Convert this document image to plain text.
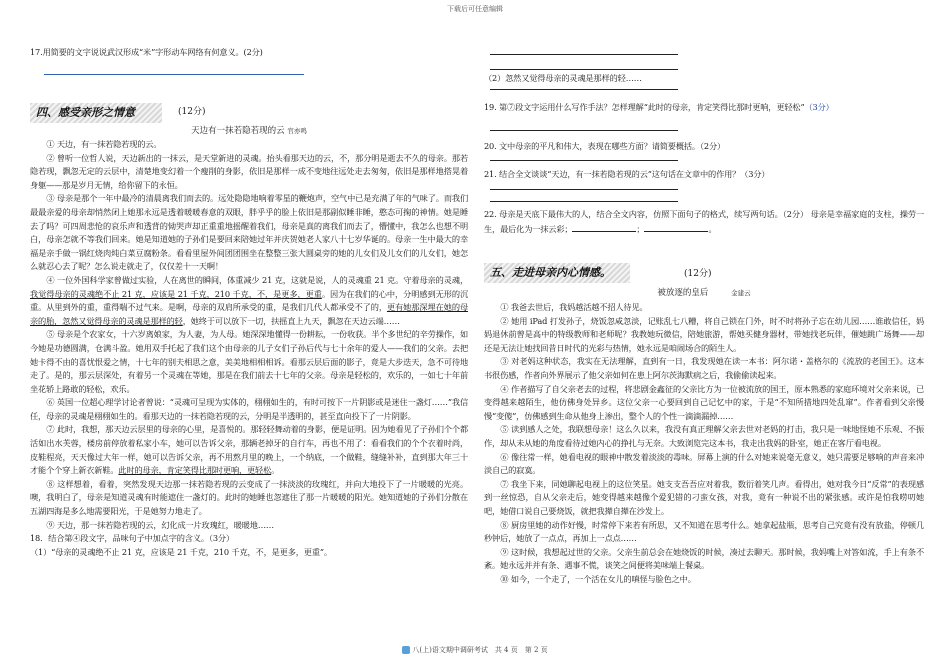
下载后可任意编辑

17.用简要的文字说说武汉形成“米”字形动车网络有何意义。(2分)

四、感受亲形之情意	(12分)
天边有一抹若隐若现的云 官亦鸣

① 天边，有一抹若隐若现的云。

② 曾听一位哲人说，天边新出的一抹云，是天堂新进的灵魂。抬头看那天边的云，不，那分明是逝去不久的母亲。那若隐若现，飘忽无定的云层中，清楚地变幻着一个瘦削的身影，依旧是那样一成不变地往远处走去匆匆，依旧是那样地搭晃着身躯——那是岁月无情，给你留下的永恒。

③ 母亲是那个一年中最冷的清晨离我们而去的。远处隐隐地响着零星的鞭炮声，空气中已是充满了年的气味了。而我们最最亲爱的母亲却悄然闭上她那永远是透着暖暖春意的双眼，胖乎乎的脸上依旧是那副似睡非睡，憨态可掬的神情。她是睡去了吗？可四周悲怆的哀乐声和透背的恸哭声却正重重地摇醒着我们，母亲是真的离我们而去了，懵懂中，我怎么也想不明白，母亲怎就不等我们回来。她是知道她的子孙们是要回来陪她过年并庆贺她老人家八十七岁华诞的。母亲一生中最大的幸福是亲手做一锅红烧肉炖白菜豆腐粉条。看看里屋外间团团围坐在整整三张大圆桌旁的她的儿女们及儿女们的儿女们，她怎么就忍心去了呢？怎么说走就走了，仅仅差十一天啊！

④ 一位外国科学家曾做过实验，人在离世的瞬间，体重减少 21 克，这就是说，人的灵魂重 21 克。守着母亲的灵魂，我觉得母亲的灵魂绝不止 21 克，应该是 21 千克，210 千克，不，是更多，更重。因为在我们的心中，分明感到无形的沉重。从里到外的重，重得喘不过气来。是啊，母亲的双肩所承受的重，是我们几代人都承受不了的，更有她那深埋在她的母亲的胎，忽然又觉得母亲的灵魂是那样的轻，她终于可以放下一切，扶摇直上九天，飘忽在天边云端……

⑤ 母亲是个农家女，十六岁离娘家，为人妻，为人母。她深深地懂得一份耕耘，一份收获。半个多世纪的辛劳操作，如今她是功德圆满，仓满斗盈。她用双手托起了我们这个由母亲的儿子女们子孙后代与七十余年的爱人——我们的父亲。去把她卡得不由的喜忧恨爱之情，十七年的别夫相思之意，美美地相相相诉。看那云层后面的影子，竟是大步迭天，急不可待地走了。是的，那云层深处，有着另一个灵魂在等她，那是在我们前去十七年的父亲。母亲是轻松的，欢乐的，一如七十年前坐花轿上路敢的轻松，欢乐。

⑥ 英国一位超心理学讨论者曾说：“灵魂可呈现为实体的，栩栩如生的，有时可按下一片阴影或是迷住一盏灯……”我信任，母亲的灵魂是栩栩如生的。看那天边的一抹若隐若现的云，分明是半透明的，甚至直向投下了一片阴影。

⑦ 此时，我想，那天边云层里的母亲的心里，是喜悦的。那轻轻舞动着的身影，便是证明。因为她看见了子孙们个个都活如出水芙蓉，楼房前停放着私家小车，她可以告诉父亲，那辆老掉牙的自行车，再也不用了：看看我们的个个衣着时尚，皮鞋程亮，天天像过大年一样，她可以告诉父亲，再不用熬月里的晚上，一个纳底，一个做鞋，缝缝补补，直到那大年三十才能个个穿上新衣新鞋。此时的母亲，肯定笑得比那时更响，更轻松。

⑧ 这样想着，看着，突然发现天边那一抹若隐若现的云变成了一抹淡淡的玫瑰红，并向大地投下了一片暖暖的光亮。噢，我明白了，母亲是知道灵魂有时能遮住一盏灯的。此时的她睡也忽遮住了那一片暖暖的阳光。她知道她的子孙们分散在五湖四海是多么地需要阳光，于是她努力地走了。

⑨ 天边，那一抹若隐若现的云，幻化成一片玫瑰红，暖暖地……

18．结合第④段文字，品味句子中加点字的含义。（3分）

（1）“母亲的灵魂绝不止 21 克，应该是 21 千克，210 千克，不，是更多，更重”。

（2）忽然又觉得母亲的灵魂是那样的轻……

19. 第⑦段文字运用什么写作手法？怎样理解“此时的母亲，肯定笑得比那时更响，更轻松”（3分）

20. 文中母亲的平凡和伟大，表现在哪些方面？请简要概括。（2分）

21. 结合全文谈谈“天边，有一抹若隐若现的云”这句话在文章中的作用？（3分）

22. 母亲是天底下最伟大的人，结合全文内容，仿照下面句子的格式，续写两句话。（2分） 母亲是幸福家庭的支柱，操劳一生，最后化为一抹云彩；	；	。

五、走进母亲内心情感。	(12分)
被放逐的皇后	金建云

① 我爸去世后，我妈越活越不招人待见。

② 她用 iPad 打发孙子，烧饭忽咸忽淡，记账乱七八糟，将自己锁在门外，时不时将孙子忘在幼儿园……谁敢信任，妈妈退休前曾是高中的特级教师和老师呢？我教她玩微信，陪她旅游，帮她买健身器材，带她找老玩伴，催她跳广场舞——却还是无法让她找回昔日时代的光彩与热情，她永远是咱闹场合的陌生人。

③ 对老妈这种状态，我实在无法理解，直到有一日，我发现她在读一本书：阿尔诺・盖格尔的《流放的老国王》。这本书很伤感，作者向外界展示了他父亲如何在患上阿尔茨海默病之后，我偷偷读起来。

④ 作者描写了自父亲老去的过程，将悲剧金鑫征的父亲比方为一位被流放的国王，原本熟悉的家庭环境对父亲来说，已变得越来越陌生，他仿佛身处异乡。这位父亲一心要回到自己记忆中的家，于是“不知所措地四处乱窜”。作者看到父亲慢慢“变傻”，仿佛感到生命从他身上渗出，整个人的个性一滴滴漏掉……

⑤ 读到感人之处，我联想母亲！这么久以来，我没有真正理解父亲去世对老妈的打击，我只是一味地怪她不乐观、不振作，却从未从她的角度看待过她内心的挣扎与无奈。大致浏览完这本书，我走出我妈的卧室，她正在客厅看电视。

⑥ 像往常一样，她看电视的眼神中散发着淡淡的毒味。屏幕上演的什么对她来说毫无意义，她只需要足够响的声音来冲淡自己的寂寞。

⑦ 我坐下来，同她聊起电视上的这位笑星。她支支吾吾应对着我，数衍着笑几声。看得出，她对我今日“反常”的表现感到一丝惊恐，自从父亲走后，她变得越来越像个爱犯错的刁蛮女孩，对我，竟有一种说不出的紧张感。或许是怕我唠叨她吧，她借口说自己要烧饭，就把我撵自撵在沙发上。

⑧ 厨房里她的动作好慢，时常停下来若有所思，又不知道在思考什么。她拿起盐瓶，思考自己究竟有没有放盐，停顿几秒钟后，她放了一点点，再加上一点点……

⑨ 这时候，我想起过世的父亲。父亲生前总会在她烧饭的时候，凑过去聊天。那时候，我妈嘴上对答如流，手上有条不紊。她永远并并有条、遇事不慌，谈笑之间便将美味端上餐桌。

⑩ 如今，一个走了，一个活在女儿的嗔怪与脸色之中。

八(上)语文期中调研考试　共 4 页　第 2 页
